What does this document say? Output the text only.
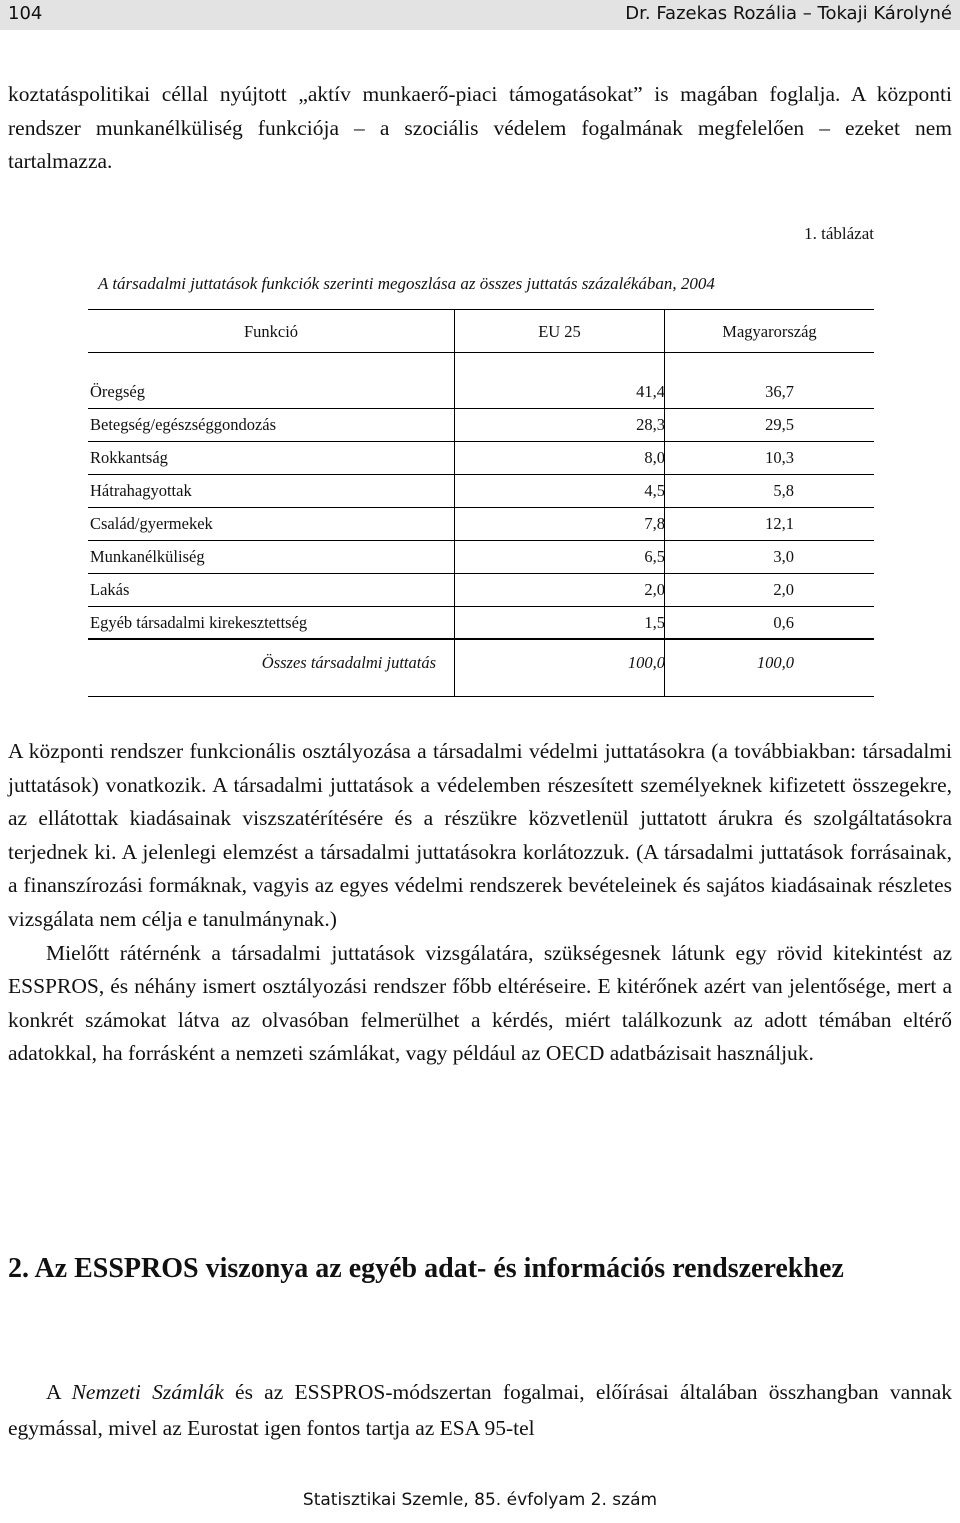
104	Dr. Fazekas Rozália – Tokaji Károlyné

koztatáspolitikai céllal nyújtott „aktív munkaerő-piaci támogatásokat” is magában foglalja. A központi rendszer munkanélküliség funkciója – a szociális védelem fogalmának megfelelően – ezeket nem tartalmazza.

1. táblázat
A társadalmi juttatások funkciók szerinti megoszlása az összes juttatás százalékában, 2004
Funkció	EU 25	Magyarország
Öregség	41,4	36,7
Betegség/egészséggondozás	28,3	29,5
Rokkantság	8,0	10,3
Hátrahagyottak	4,5	5,8
Család/gyermekek	7,8	12,1
Munkanélküliség	6,5	3,0
Lakás	2,0	2,0
Egyéb társadalmi kirekesztettség	1,5	0,6
Összes társadalmi juttatás	100,0	100,0
A központi rendszer funkcionális osztályozása a társadalmi védelmi juttatásokra (a továbbiakban: társadalmi juttatások) vonatkozik. A társadalmi juttatások a védelemben részesített személyeknek kifizetett összegekre, az ellátottak kiadásainak viszszatérítésére és a részükre közvetlenül juttatott árukra és szolgáltatásokra terjednek ki. A jelenlegi elemzést a társadalmi juttatásokra korlátozzuk. (A társadalmi juttatások forrásainak, a finanszírozási formáknak, vagyis az egyes védelmi rendszerek bevételeinek és sajátos kiadásainak részletes vizsgálata nem célja e tanulmánynak.)
Mielőtt rátérnénk a társadalmi juttatások vizsgálatára, szükségesnek látunk egy rövid kitekintést az ESSPROS, és néhány ismert osztályozási rendszer főbb eltéréseire. E kitérőnek azért van jelentősége, mert a konkrét számokat látva az olvasóban felmerülhet a kérdés, miért találkozunk az adott témában eltérő adatokkal, ha forrásként a nemzeti számlákat, vagy például az OECD adatbázisait használjuk.
2. Az ESSPROS viszonya az egyéb adat- és információs rendszerekhez

A Nemzeti Számlák és az ESSPROS-módszertan fogalmai, előírásai általában összhangban vannak egymással, mivel az Eurostat igen fontos tartja az ESA 95-tel

Statisztikai Szemle, 85. évfolyam 2. szám
